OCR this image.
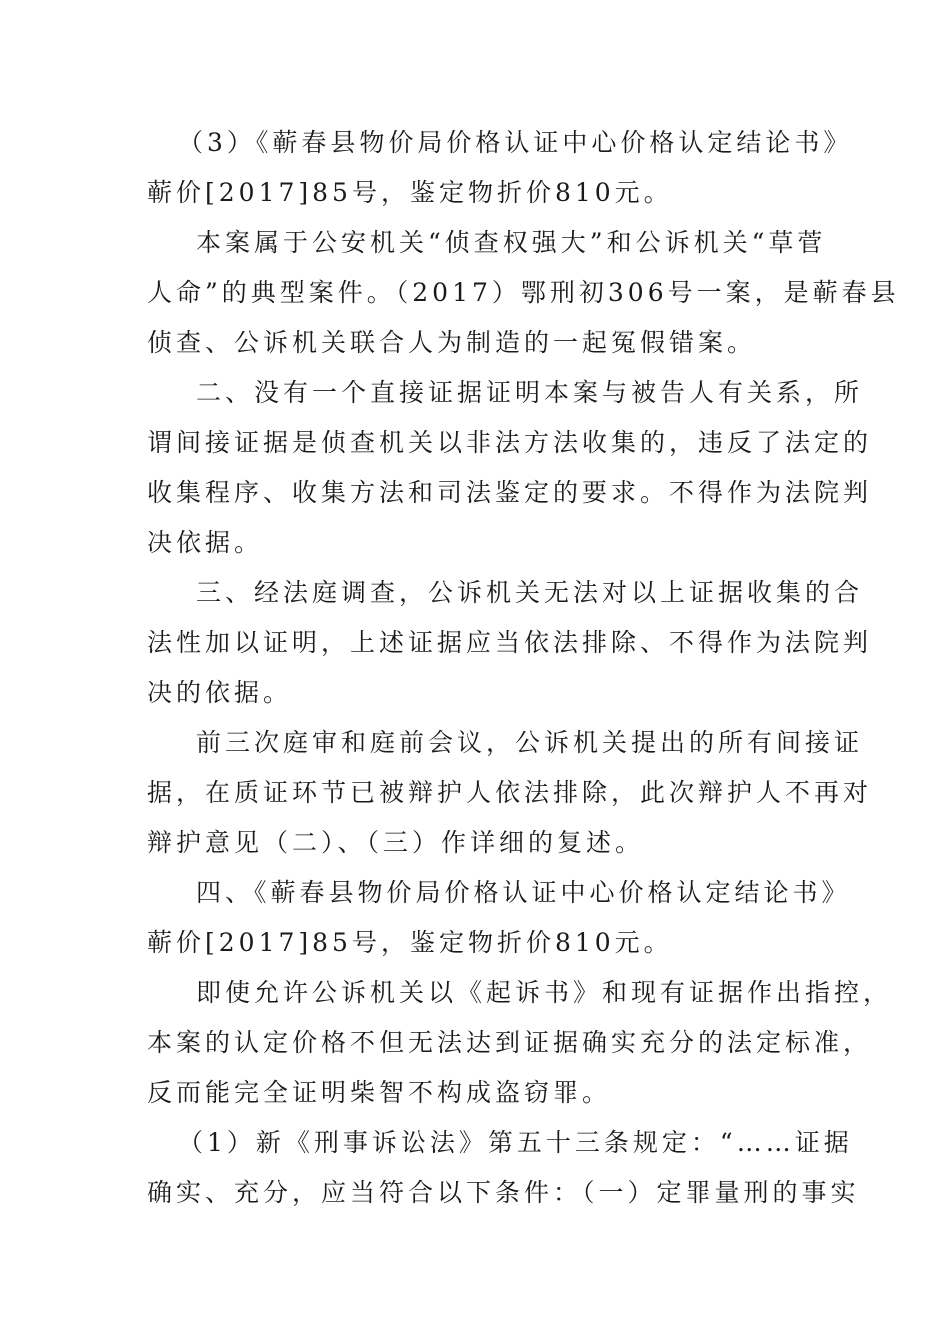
（3）《蕲春县物价局价格认证中心价格认定结论书》
蕲价[2017]85号，鉴定物折价810元。
本案属于公安机关“侦查权强大”和公诉机关“草菅
人命”的典型案件。（2017）鄂刑初306号一案，是蕲春县
侦查、公诉机关联合人为制造的一起冤假错案。
二、没有一个直接证据证明本案与被告人有关系，所
谓间接证据是侦查机关以非法方法收集的，违反了法定的
收集程序、收集方法和司法鉴定的要求。不得作为法院判
决依据。
三、经法庭调查，公诉机关无法对以上证据收集的合
法性加以证明，上述证据应当依法排除、不得作为法院判
决的依据。
前三次庭审和庭前会议，公诉机关提出的所有间接证
据，在质证环节已被辩护人依法排除，此次辩护人不再对
辩护意见（二）、（三）作详细的复述。
四、《蕲春县物价局价格认证中心价格认定结论书》
蕲价[2017]85号，鉴定物折价810元。
即使允许公诉机关以《起诉书》和现有证据作出指控，
本案的认定价格不但无法达到证据确实充分的法定标准，
反而能完全证明柴智不构成盗窃罪。
（1）新《刑事诉讼法》第五十三条规定：“……证据
确实、充分，应当符合以下条件：（一）定罪量刑的事实
